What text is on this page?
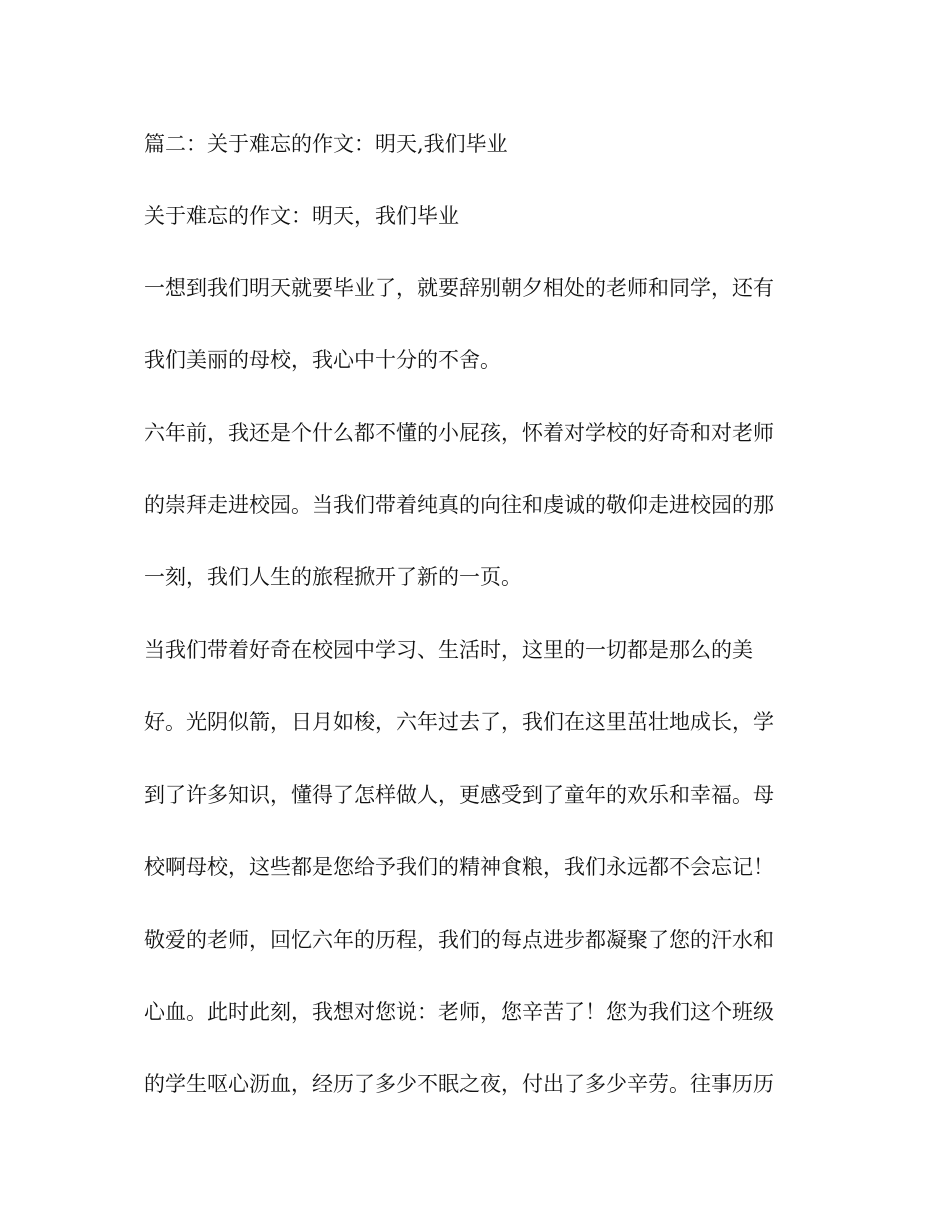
篇二：关于难忘的作文：明天,我们毕业
关于难忘的作文：明天，我们毕业
一想到我们明天就要毕业了，就要辞别朝夕相处的老师和同学，还有
我们美丽的母校，我心中十分的不舍。
六年前，我还是个什么都不懂的小屁孩，怀着对学校的好奇和对老师
的崇拜走进校园。当我们带着纯真的向往和虔诚的敬仰走进校园的那
一刻，我们人生的旅程掀开了新的一页。
当我们带着好奇在校园中学习、生活时，这里的一切都是那么的美
好。光阴似箭，日月如梭，六年过去了，我们在这里茁壮地成长，学
到了许多知识，懂得了怎样做人，更感受到了童年的欢乐和幸福。母
校啊母校，这些都是您给予我们的精神食粮，我们永远都不会忘记！
敬爱的老师，回忆六年的历程，我们的每点进步都凝聚了您的汗水和
心血。此时此刻，我想对您说：老师，您辛苦了！您为我们这个班级
的学生呕心沥血，经历了多少不眠之夜，付出了多少辛劳。往事历历
